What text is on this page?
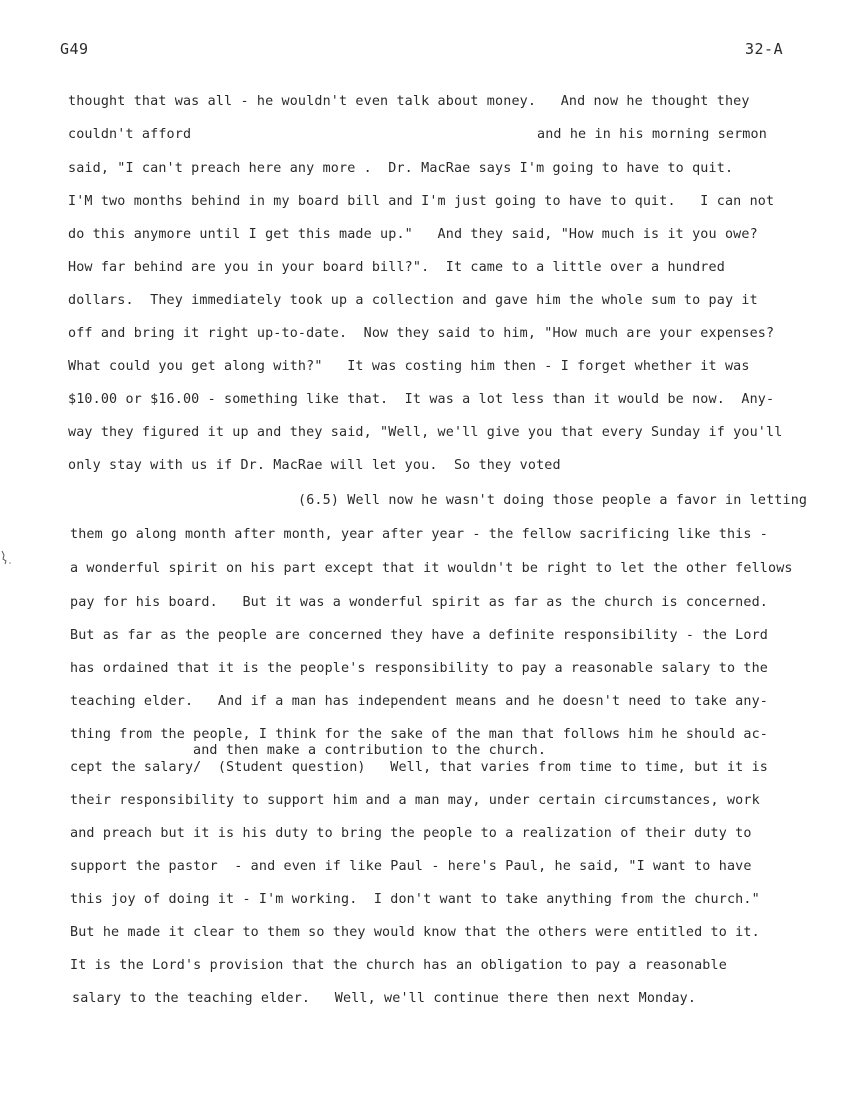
G49	32-A
thought that was all - he wouldn't even talk about money.   And now he thought they
couldn't afford	and he in his morning sermon
said, "I can't preach here any more .  Dr. MacRae says I'm going to have to quit.
I'M two months behind in my board bill and I'm just going to have to quit.   I can not
do this anymore until I get this made up."   And they said, "How much is it you owe?
How far behind are you in your board bill?".  It came to a little over a hundred
dollars.  They immediately took up a collection and gave him the whole sum to pay it
off and bring it right up-to-date.  Now they said to him, "How much are your expenses?
What could you get along with?"   It was costing him then - I forget whether it was
$10.00 or $16.00 - something like that.  It was a lot less than it would be now.  Any-
way they figured it up and they said, "Well, we'll give you that every Sunday if you'll
only stay with us if Dr. MacRae will let you.  So they voted
(6.5) Well now he wasn't doing those people a favor in letting
them go along month after month, year after year - the fellow sacrificing like this -
a wonderful spirit on his part except that it wouldn't be right to let the other fellows
pay for his board.   But it was a wonderful spirit as far as the church is concerned.
But as far as the people are concerned they have a definite responsibility - the Lord
has ordained that it is the people's responsibility to pay a reasonable salary to the
teaching elder.   And if a man has independent means and he doesn't need to take any-
thing from the people, I think for the sake of the man that follows him he should ac-
and then make a contribution to the church.
cept the salary/  (Student question)   Well, that varies from time to time, but it is
their responsibility to support him and a man may, under certain circumstances, work
and preach but it is his duty to bring the people to a realization of their duty to
support the pastor  - and even if like Paul - here's Paul, he said, "I want to have
this joy of doing it - I'm working.  I don't want to take anything from the church."
But he made it clear to them so they would know that the others were entitled to it.
It is the Lord's provision that the church has an obligation to pay a reasonable
salary to the teaching elder.   Well, we'll continue there then next Monday.
